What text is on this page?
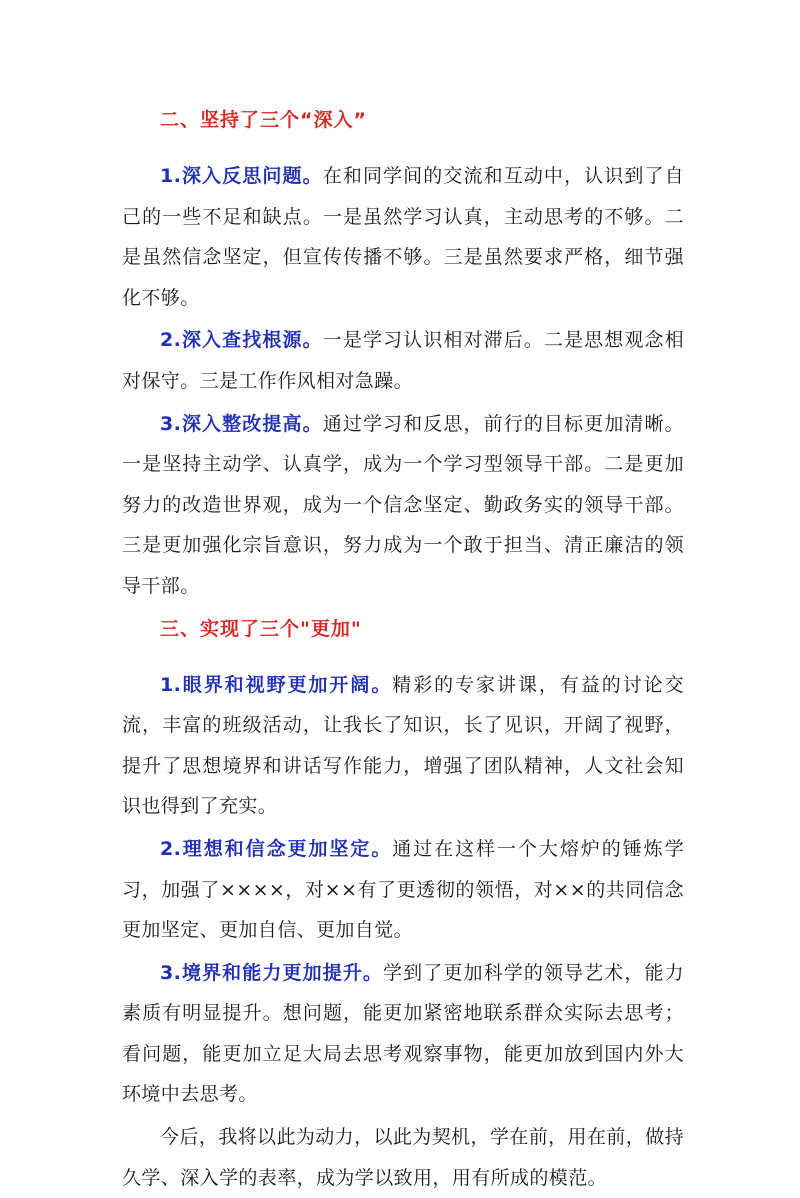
二、坚持了三个“深入”

1.深入反思问题。在和同学间的交流和互动中，认识到了自己的一些不足和缺点。一是虽然学习认真，主动思考的不够。二是虽然信念坚定，但宣传传播不够。三是虽然要求严格，细节强化不够。

2.深入查找根源。一是学习认识相对滞后。二是思想观念相对保守。三是工作作风相对急躁。

3.深入整改提高。通过学习和反思，前行的目标更加清晰。一是坚持主动学、认真学，成为一个学习型领导干部。二是更加努力的改造世界观，成为一个信念坚定、勤政务实的领导干部。三是更加强化宗旨意识，努力成为一个敢于担当、清正廉洁的领导干部。

三、实现了三个"更加"

1.眼界和视野更加开阔。精彩的专家讲课，有益的讨论交流，丰富的班级活动，让我长了知识，长了见识，开阔了视野，提升了思想境界和讲话写作能力，增强了团队精神，人文社会知识也得到了充实。

2.理想和信念更加坚定。通过在这样一个大熔炉的锤炼学习，加强了××××，对××有了更透彻的领悟，对××的共同信念更加坚定、更加自信、更加自觉。

3.境界和能力更加提升。学到了更加科学的领导艺术，能力素质有明显提升。想问题，能更加紧密地联系群众实际去思考；看问题，能更加立足大局去思考观察事物，能更加放到国内外大环境中去思考。

今后，我将以此为动力，以此为契机，学在前，用在前，做持久学、深入学的表率，成为学以致用，用有所成的模范。
